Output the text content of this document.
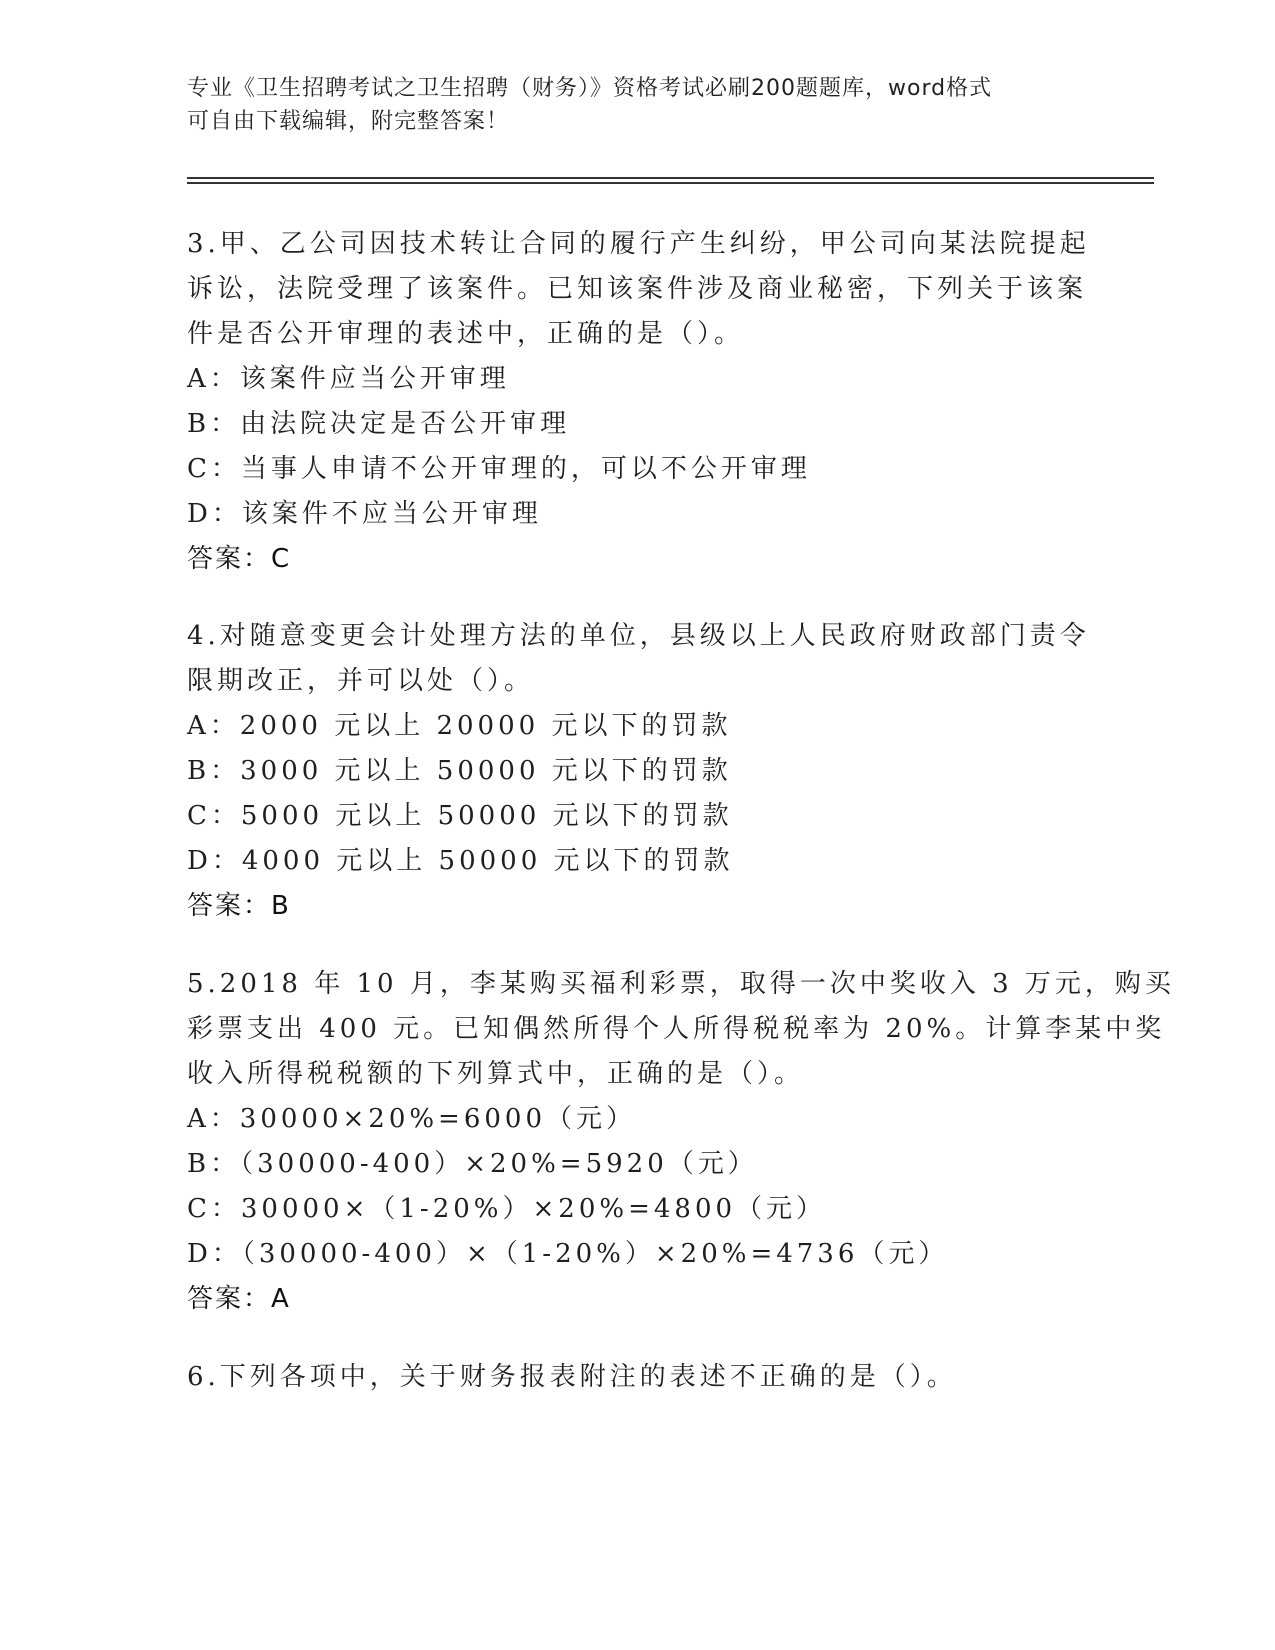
专业《卫生招聘考试之卫生招聘（财务）》资格考试必刷200题题库，word格式
可自由下载编辑，附完整答案！
3.甲、乙公司因技术转让合同的履行产生纠纷，甲公司向某法院提起
诉讼，法院受理了该案件。已知该案件涉及商业秘密，下列关于该案
件是否公开审理的表述中，正确的是（）。
A：该案件应当公开审理
B：由法院决定是否公开审理
C：当事人申请不公开审理的，可以不公开审理
D：该案件不应当公开审理
答案：C
4.对随意变更会计处理方法的单位，县级以上人民政府财政部门责令
限期改正，并可以处（）。
A：2000 元以上 20000 元以下的罚款
B：3000 元以上 50000 元以下的罚款
C：5000 元以上 50000 元以下的罚款
D：4000 元以上 50000 元以下的罚款
答案：B
5.2018 年 10 月，李某购买福利彩票，取得一次中奖收入 3 万元，购买
彩票支出 400 元。已知偶然所得个人所得税税率为 20%。计算李某中奖
收入所得税税额的下列算式中，正确的是（）。
A：30000×20%=6000（元）
B：（30000-400）×20%=5920（元）
C：30000×（1-20%）×20%=4800（元）
D：（30000-400）×（1-20%）×20%=4736（元）
答案：A
6.下列各项中，关于财务报表附注的表述不正确的是（）。
